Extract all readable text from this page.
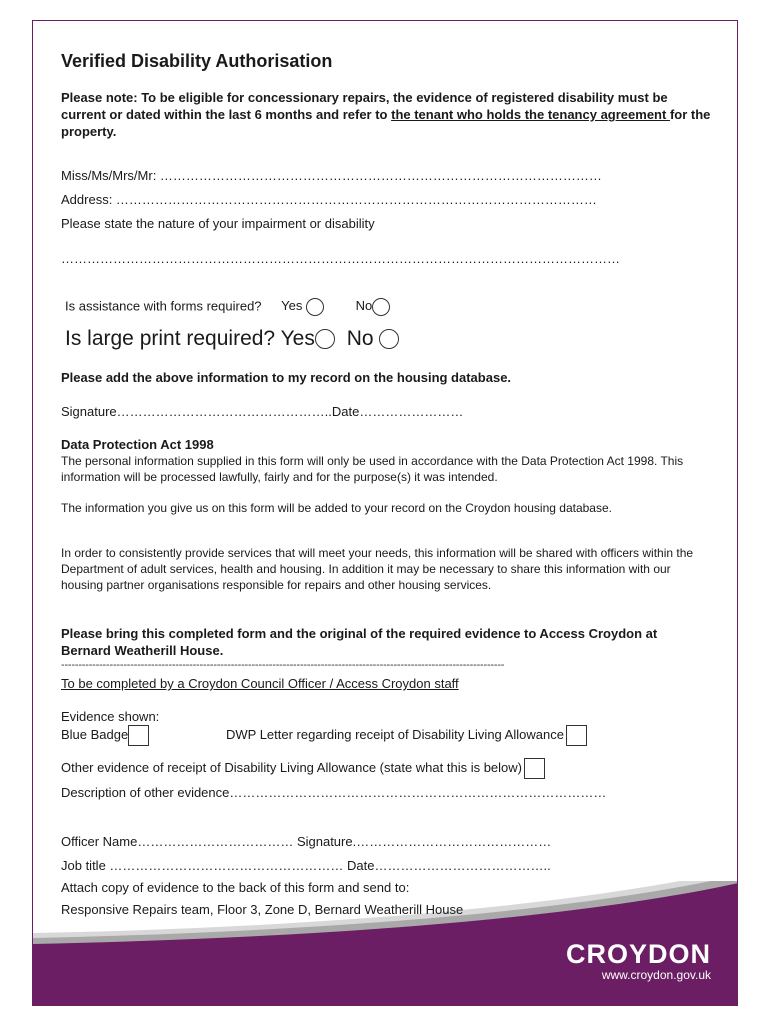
Verified Disability Authorisation
Please note: To be eligible for concessionary repairs, the evidence of registered disability must be current or dated within the last 6 months and refer to the tenant who holds the tenancy agreement for the property.
Miss/Ms/Mrs/Mr: …………………………………………………………………………………………
Address: …………………………………………………………………………………………………
Please state the nature of your impairment or disability
…………………………………………………………………………………………………………………
Is assistance with forms required? Yes	No
Is large print required? Yes No
Please add the above information to my record on the housing database.
Signature…………………………………………..Date……………………
Data Protection Act 1998
The personal information supplied in this form will only be used in accordance with the Data Protection Act 1998. This information will be processed lawfully, fairly and for the purpose(s) it was intended.
The information you give us on this form will be added to your record on the Croydon housing database.
In order to consistently provide services that will meet your needs, this information will be shared with officers within the Department of adult services, health and housing. In addition it may be necessary to share this information with our housing partner organisations responsible for repairs and other housing services.
Please bring this completed form and the original of the required evidence to Access Croydon at Bernard Weatherill House.
--------------------------------------------------------------------------------------------------------------------------------
To be completed by a Croydon Council Officer / Access Croydon staff
Evidence shown:
Blue Badge	DWP Letter regarding receipt of Disability Living Allowance
Other evidence of receipt of Disability Living Allowance (state what this is below)
Description of other evidence……………………………………………………………………………
Officer Name……………………………… Signature.………………………………………
Job title ……………………………………………… Date…………………………………..
Attach copy of evidence to the back of this form and send to:
Responsive Repairs team, Floor 3, Zone D, Bernard Weatherill House
CROYDON
www.croydon.gov.uk
